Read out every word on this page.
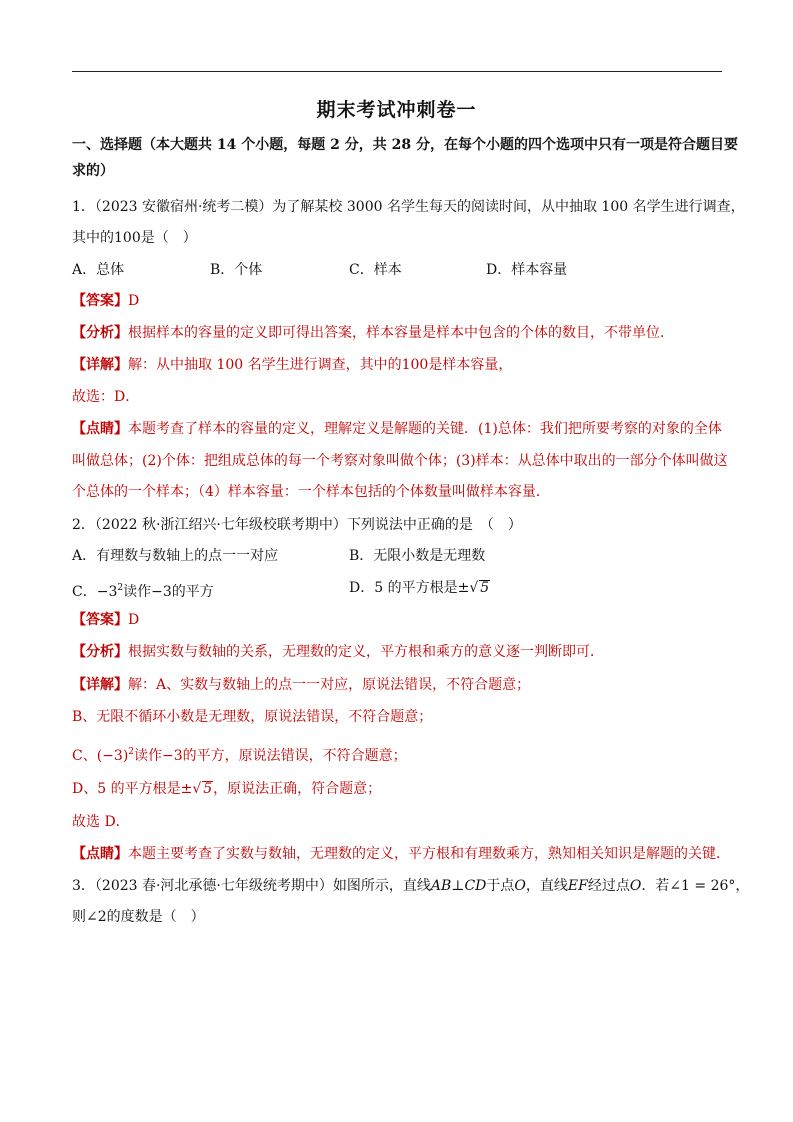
期末考试冲刺卷一
一、选择题（本大题共 14 个小题，每题 2 分，共 28 分，在每个小题的四个选项中只有一项是符合题目要
求的）
1．（2023 安徽宿州·统考二模）为了解某校 3000 名学生每天的阅读时间，从中抽取 100 名学生进行调查，
其中的100是（　）
A．总体	B．个体	C．样本	D．样本容量
【答案】D
【分析】根据样本的容量的定义即可得出答案，样本容量是样本中包含的个体的数目，不带单位．
【详解】解：从中抽取 100 名学生进行调查，其中的100是样本容量，
故选：D．
【点睛】本题考查了样本的容量的定义，理解定义是解题的关键．(1)总体：我们把所要考察的对象的全体
叫做总体；(2)个体：把组成总体的每一个考察对象叫做个体；(3)样本：从总体中取出的一部分个体叫做这
个总体的一个样本；（4）样本容量：一个样本包括的个体数量叫做样本容量．
2．（2022 秋·浙江绍兴·七年级校联考期中）下列说法中正确的是　（　）
A．有理数与数轴上的点一一对应	B．无限小数是无理数
C．$-3^2$读作−3的平方	D．5 的平方根是±√ 5
【答案】D
【分析】根据实数与数轴的关系，无理数的定义，平方根和乘方的意义逐一判断即可．
【详解】解：A、实数与数轴上的点一一对应，原说法错误，不符合题意；
B、无限不循环小数是无理数，原说法错误，不符合题意；
C、$(-3)^2$读作−3的平方，原说法错误，不符合题意；
D、5 的平方根是±√ 5，原说法正确，符合题意；
故选 D．
【点睛】本题主要考查了实数与数轴，无理数的定义，平方根和有理数乘方，熟知相关知识是解题的关键．
3．（2023 春·河北承德·七年级统考期中）如图所示，直线AB⊥CD于点O，直线EF经过点O．若∠1 = 26°，
则∠2的度数是（　）
